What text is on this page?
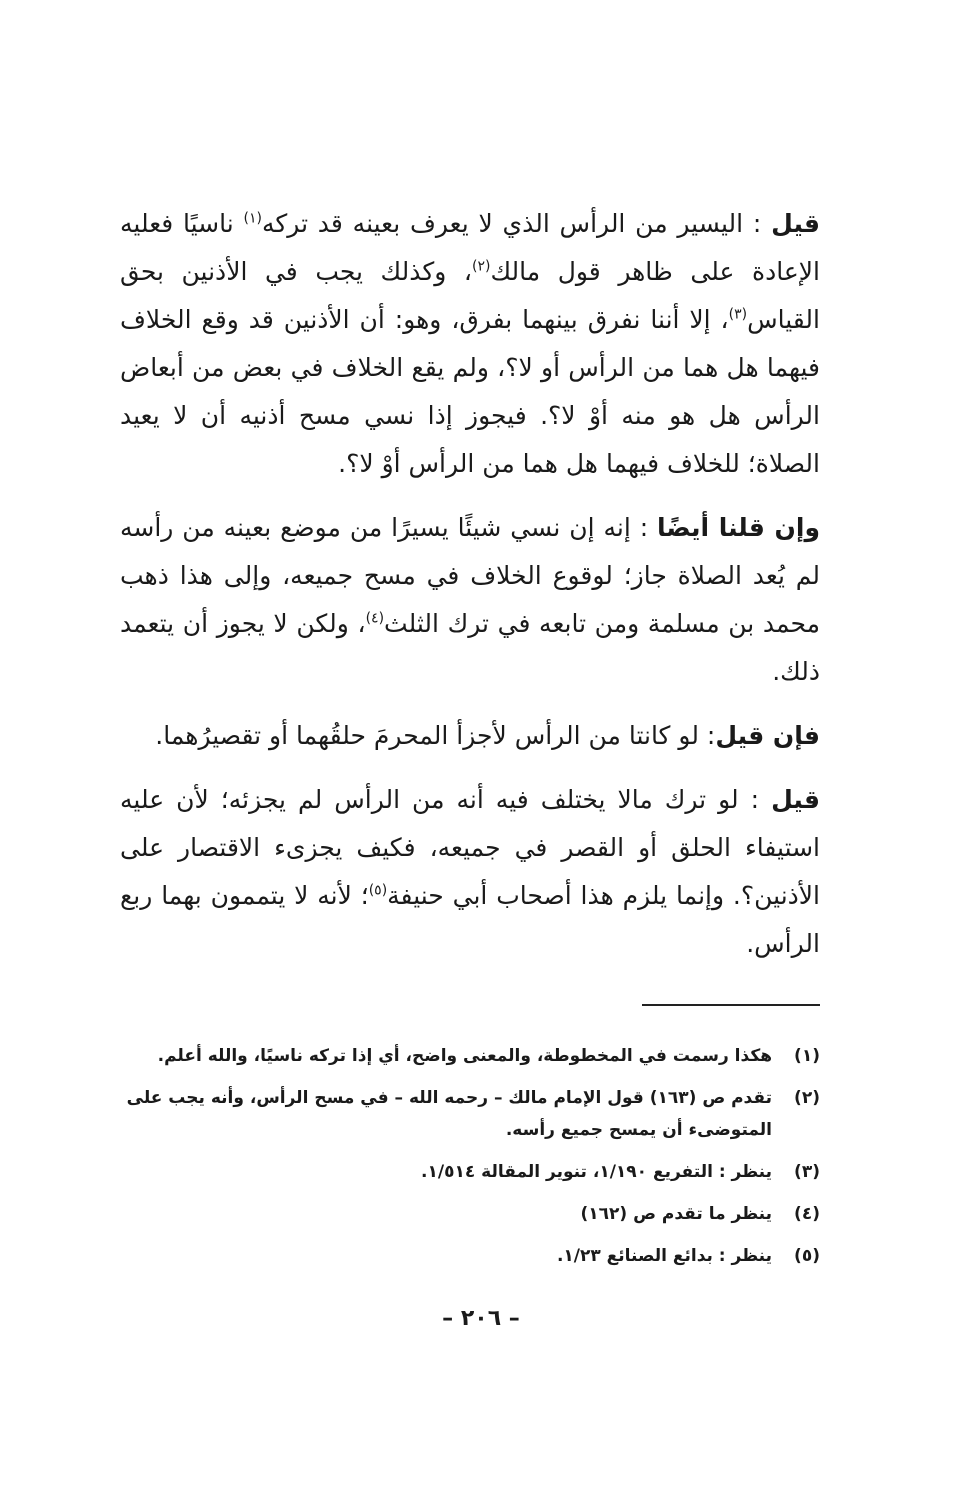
قيل : اليسير من الرأس الذي لا يعرف بعينه قد تركه$^{(١)}$ ناسيًا فعليه الإعادة على ظاهر قول مالك$^{(٢)}$، وكذلك يجب في الأذنين بحق القياس$^{(٣)}$، إلا أننا نفرق بينهما بفرق، وهو: أن الأذنين قد وقع الخلاف فيهما هل هما من الرأس أو لا؟، ولم يقع الخلاف في بعض من أبعاض الرأس هل هو منه أوْ لا؟. فيجوز إذا نسي مسح أذنيه أن لا يعيد الصلاة؛ للخلاف فيهما هل هما من الرأس أوْ لا؟.

وإن قلنا أيضًا : إنه إن نسي شيئًا يسيرًا من موضع بعينه من رأسه لم يُعد الصلاة جاز؛ لوقوع الخلاف في مسح جميعه، وإلى هذا ذهب محمد بن مسلمة ومن تابعه في ترك الثلث$^{(٤)}$، ولكن لا يجوز أن يتعمد ذلك.

فإن قيل: لو كانتا من الرأس لأجزأ المحرمَ حلقُهما أو تقصيرُهما.

قيل : لو ترك مالا يختلف فيه أنه من الرأس لم يجزئه؛ لأن عليه استيفاء الحلق أو القصر في جميعه، فكيف يجزىء الاقتصار على الأذنين؟. وإنما يلزم هذا أصحاب أبي حنيفة$^{(٥)}$؛ لأنه لا يتممون بهما ربع الرأس.

(١)
هكذا رسمت في المخطوطة، والمعنى واضح، أي إذا تركه ناسيًا، والله أعلم.
(٢)
تقدم ص (١٦٣) قول الإمام مالك – رحمه الله – في مسح الرأس، وأنه يجب على المتوضىء أن يمسح جميع رأسه.
(٣)
ينظر : التفريع ١/١٩٠، تنوير المقالة ١/٥١٤.
(٤)
ينظر ما تقدم ص (١٦٢)
(٥)
ينظر : بدائع الصنائع ١/٢٣.
– ٢٠٦ –
